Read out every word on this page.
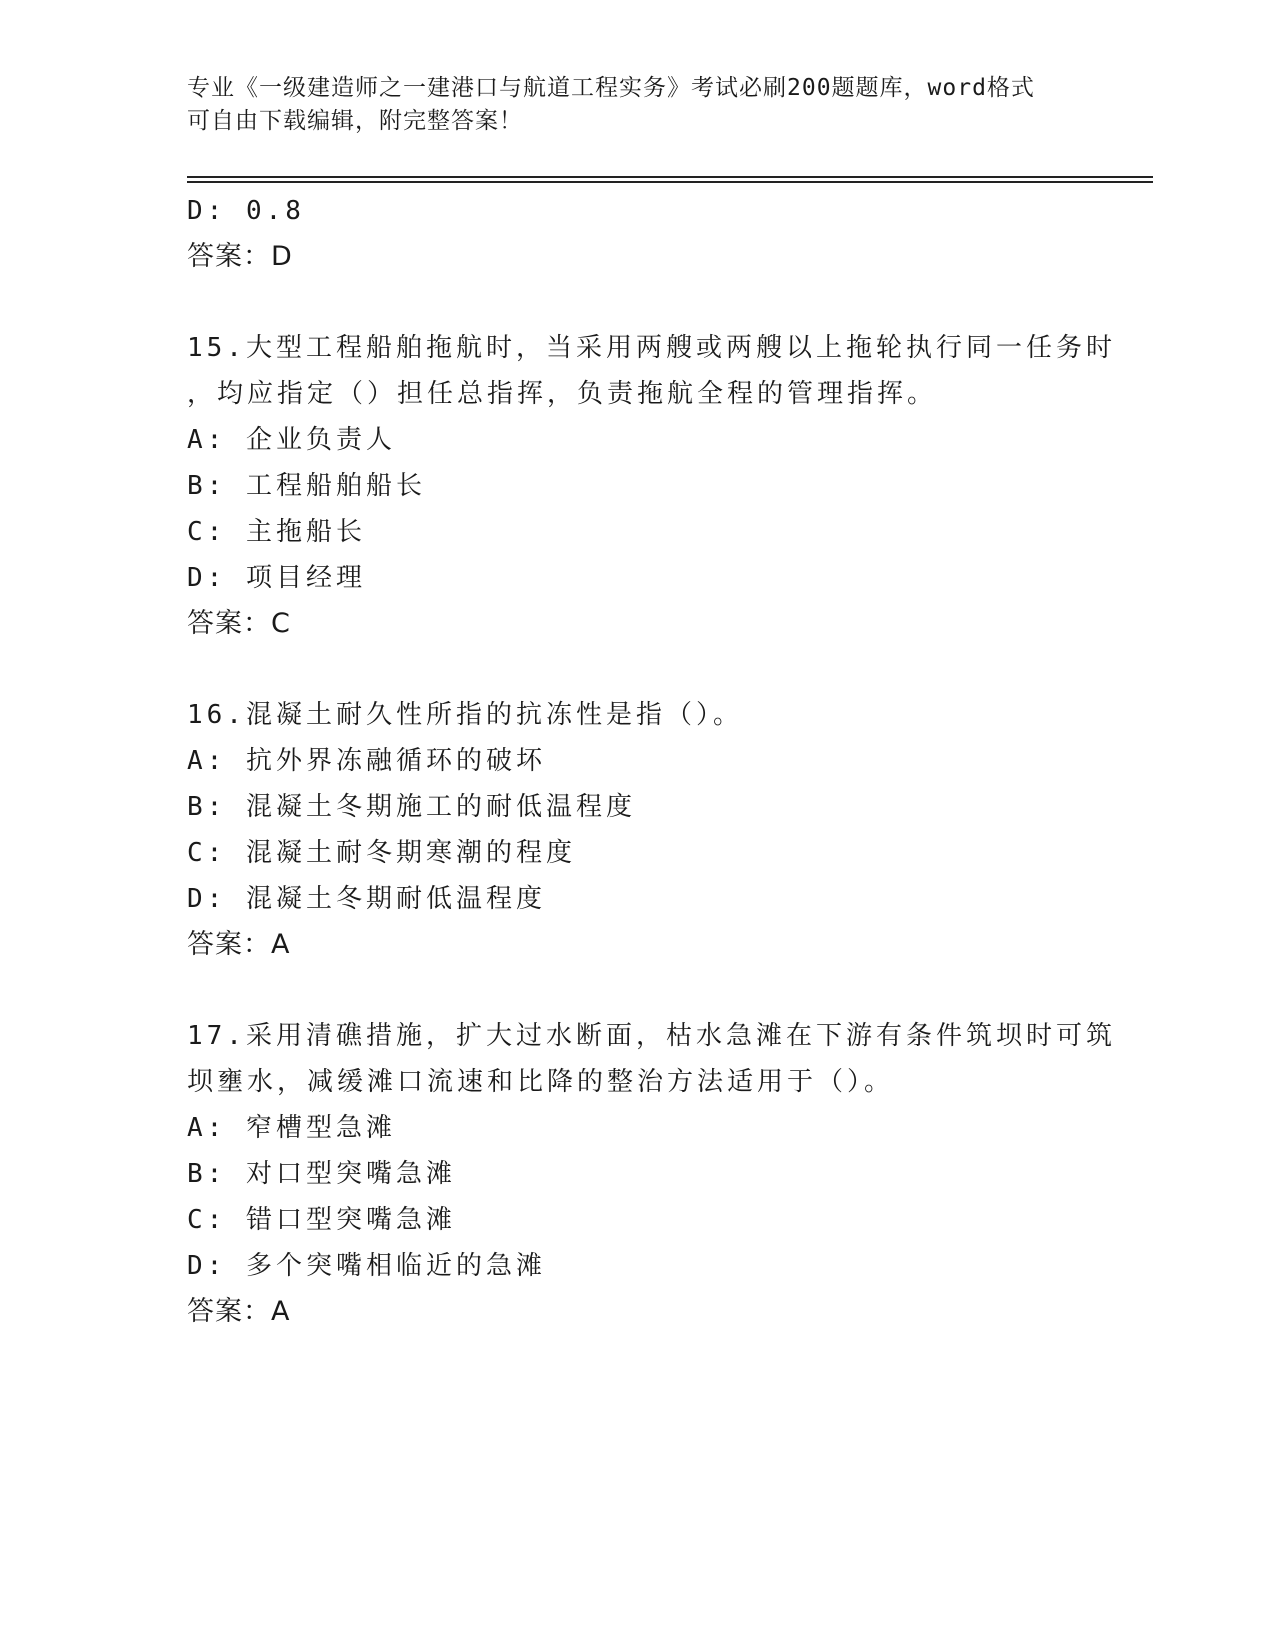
专业《一级建造师之一建港口与航道工程实务》考试必刷200题题库，word格式
可自由下载编辑，附完整答案！
D: 0.8
答案：D
15.大型工程船舶拖航时，当采用两艘或两艘以上拖轮执行同一任务时
，均应指定（）担任总指挥，负责拖航全程的管理指挥。
A: 企业负责人
B: 工程船舶船长
C: 主拖船长
D: 项目经理
答案：C
16.混凝土耐久性所指的抗冻性是指（）。
A: 抗外界冻融循环的破坏
B: 混凝土冬期施工的耐低温程度
C: 混凝土耐冬期寒潮的程度
D: 混凝土冬期耐低温程度
答案：A
17.采用清礁措施，扩大过水断面，枯水急滩在下游有条件筑坝时可筑
坝壅水，减缓滩口流速和比降的整治方法适用于（）。
A: 窄槽型急滩
B: 对口型突嘴急滩
C: 错口型突嘴急滩
D: 多个突嘴相临近的急滩
答案：A
